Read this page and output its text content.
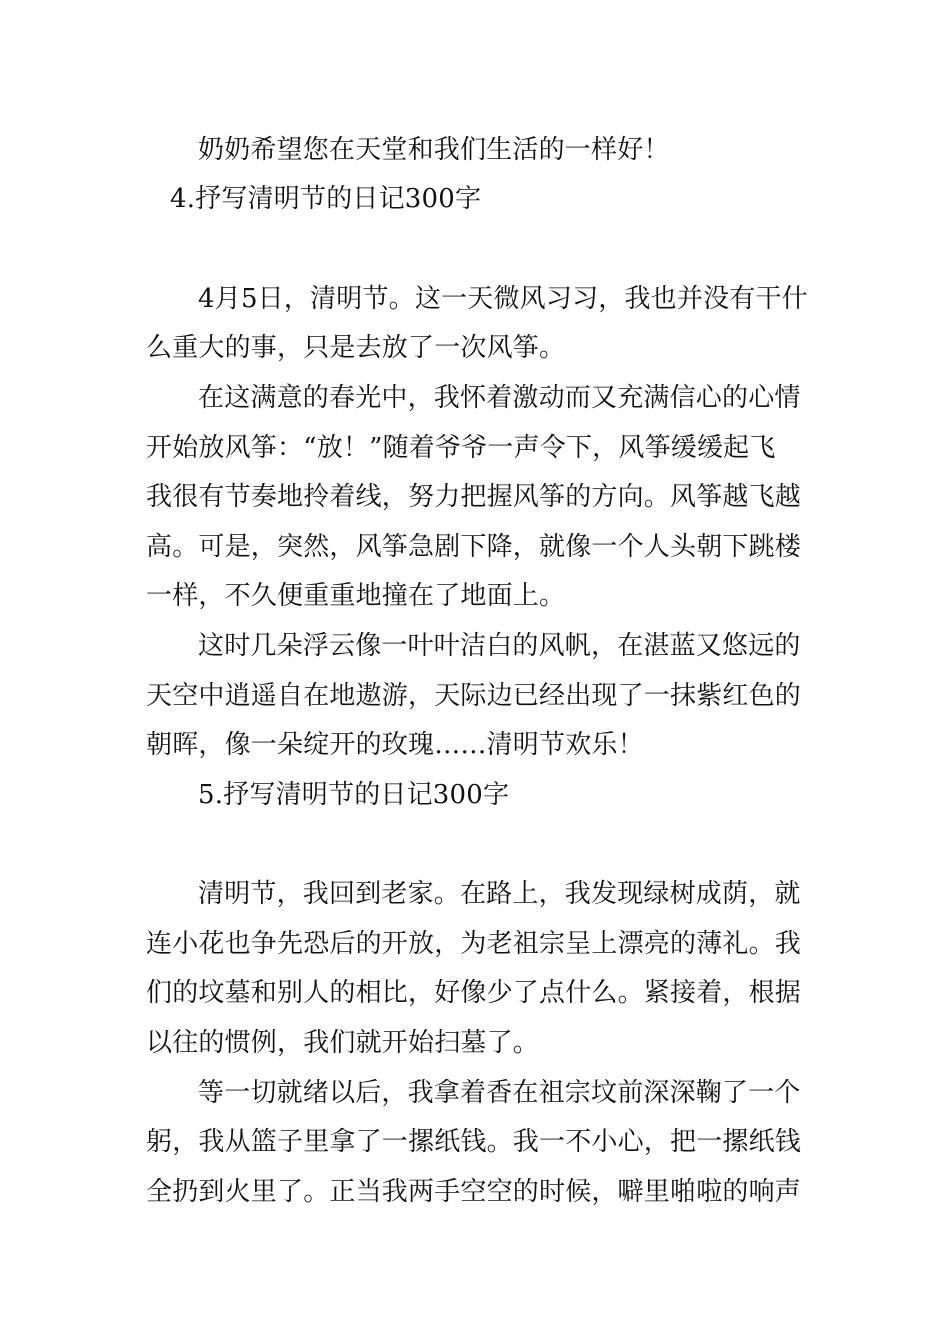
奶奶希望您在天堂和我们生活的一样好！
4.抒写清明节的日记300字
4月5日，清明节。这一天微风习习，我也并没有干什
么重大的事，只是去放了一次风筝。
在这满意的春光中，我怀着激动而又充满信心的心情
开始放风筝：“放！”随着爷爷一声令下，风筝缓缓起飞
我很有节奏地拎着线，努力把握风筝的方向。风筝越飞越
高。可是，突然，风筝急剧下降，就像一个人头朝下跳楼
一样，不久便重重地撞在了地面上。
这时几朵浮云像一叶叶洁白的风帆，在湛蓝又悠远的
天空中逍遥自在地遨游，天际边已经出现了一抹紫红色的
朝晖，像一朵绽开的玫瑰……清明节欢乐！
5.抒写清明节的日记300字
清明节，我回到老家。在路上，我发现绿树成荫，就
连小花也争先恐后的开放，为老祖宗呈上漂亮的薄礼。我
们的坟墓和别人的相比，好像少了点什么。紧接着，根据
以往的惯例，我们就开始扫墓了。
等一切就绪以后，我拿着香在祖宗坟前深深鞠了一个
躬，我从篮子里拿了一摞纸钱。我一不小心，把一摞纸钱
全扔到火里了。正当我两手空空的时候，噼里啪啦的响声
